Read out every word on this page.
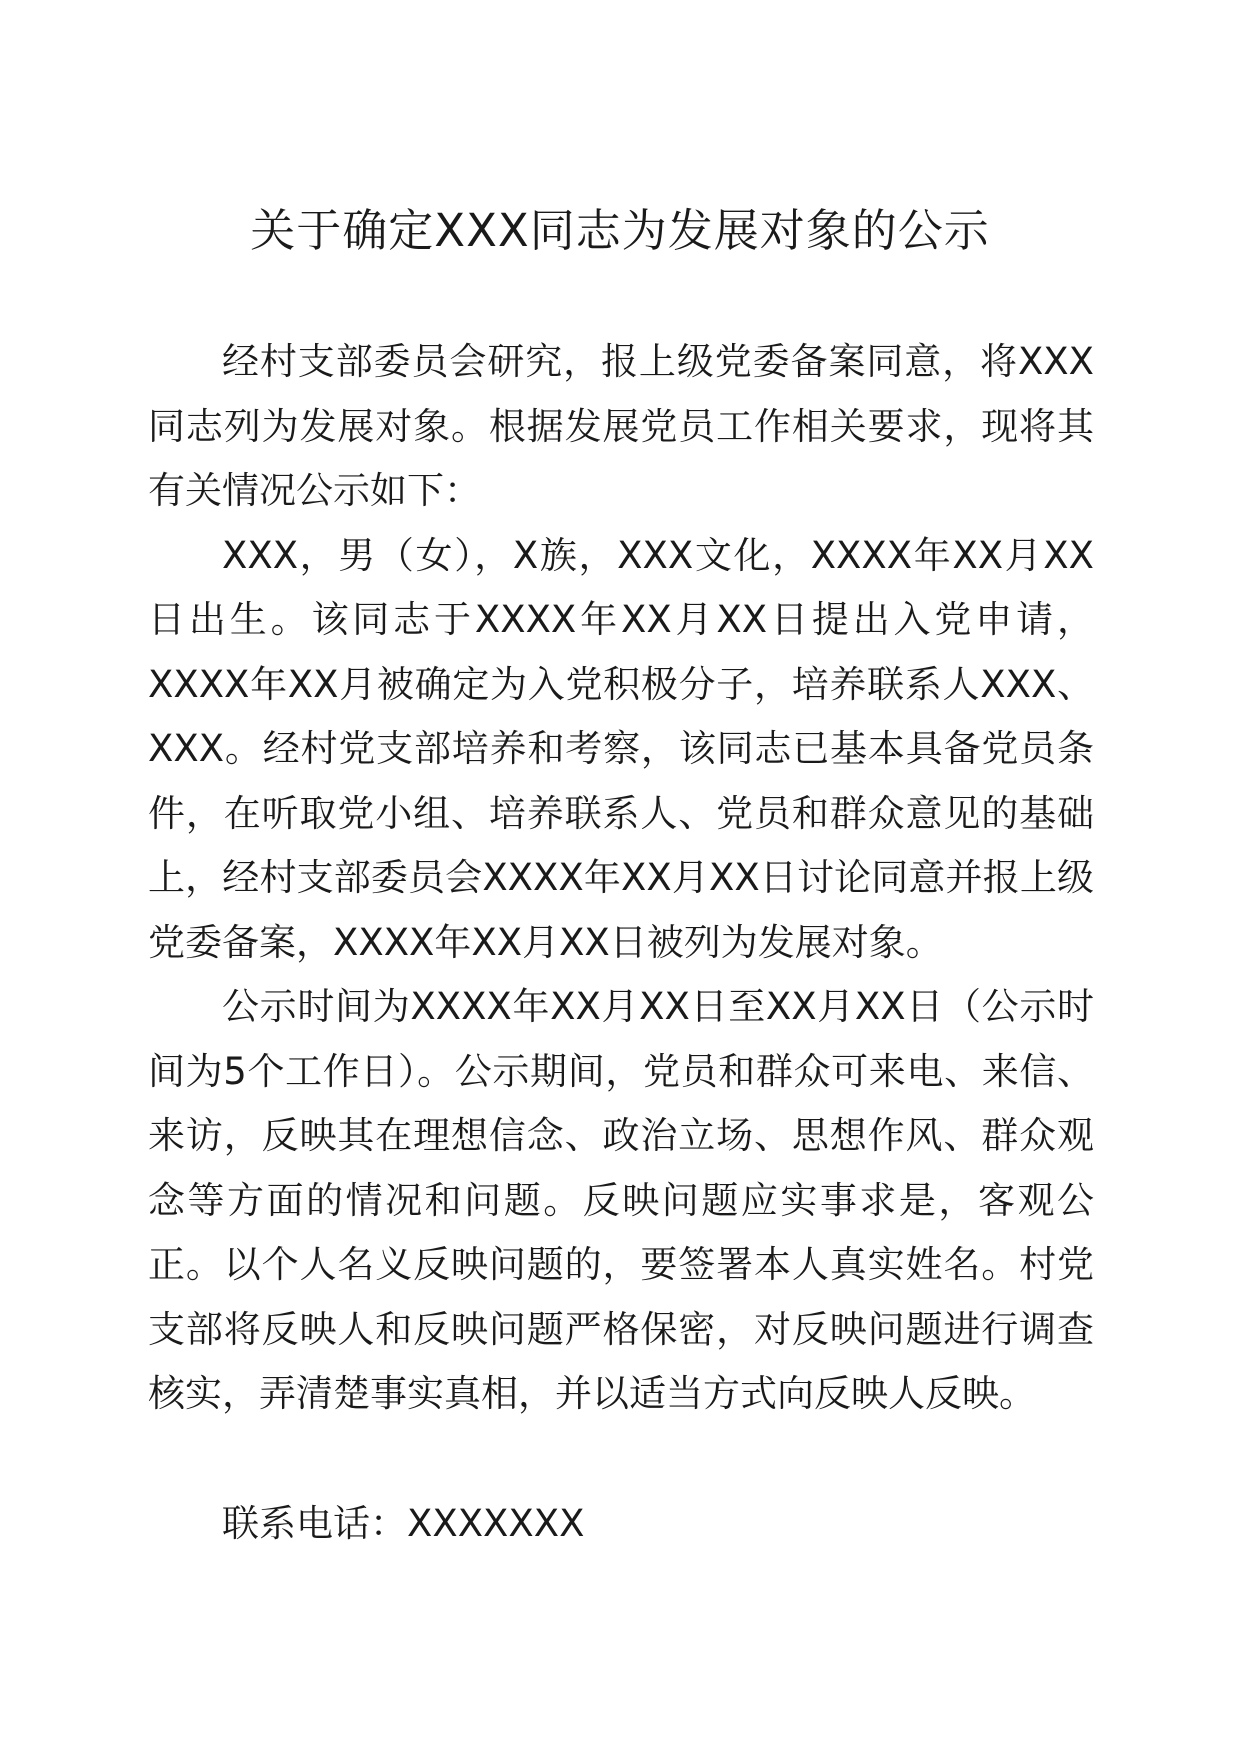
关于确定XXX同志为发展对象的公示

经村支部委员会研究，报上级党委备案同意，将XXX同志列为发展对象。根据发展党员工作相关要求，现将其有关情况公示如下：

XXX，男（女），X族，XXX文化，XXXX年XX月XX日出生。该同志于XXXX年XX月XX日提出入党申请，XXXX年XX月被确定为入党积极分子，培养联系人XXX、XXX。经村党支部培养和考察，该同志已基本具备党员条件，在听取党小组、培养联系人、党员和群众意见的基础上，经村支部委员会XXXX年XX月XX日讨论同意并报上级党委备案，XXXX年XX月XX日被列为发展对象。

公示时间为XXXX年XX月XX日至XX月XX日（公示时间为5个工作日）。公示期间，党员和群众可来电、来信、来访，反映其在理想信念、政治立场、思想作风、群众观念等方面的情况和问题。反映问题应实事求是，客观公正。以个人名义反映问题的，要签署本人真实姓名。村党支部将反映人和反映问题严格保密，对反映问题进行调查核实，弄清楚事实真相，并以适当方式向反映人反映。

联系电话：XXXXXXX
